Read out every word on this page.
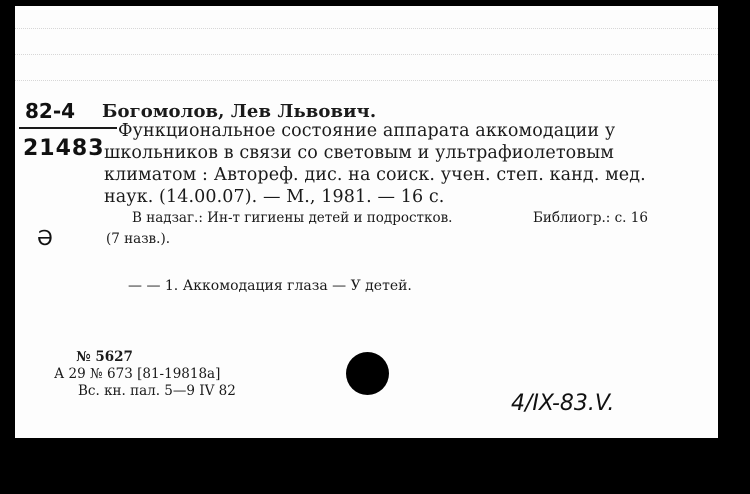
82-4
21483
Богомолов, Лев Львович.
Функциональное состояние аппарата аккомодации у
школьников в связи со световым и ультрафиолетовым
климатом : Автореф. дис. на соиск. учен. степ. канд. мед.
наук. (14.00.07). — М., 1981. — 16 с.
В надзаг.: Ин-т гигиены детей и подростков.	Библиогр.: с. 16
(7 назв.).
Ә
— — 1. Аккомодация глаза — У детей.
№ 5627
А 29 № 673 [81-19818а]
Вс. кн. пал. 5—9 IV 82	4/IX-83.V.
